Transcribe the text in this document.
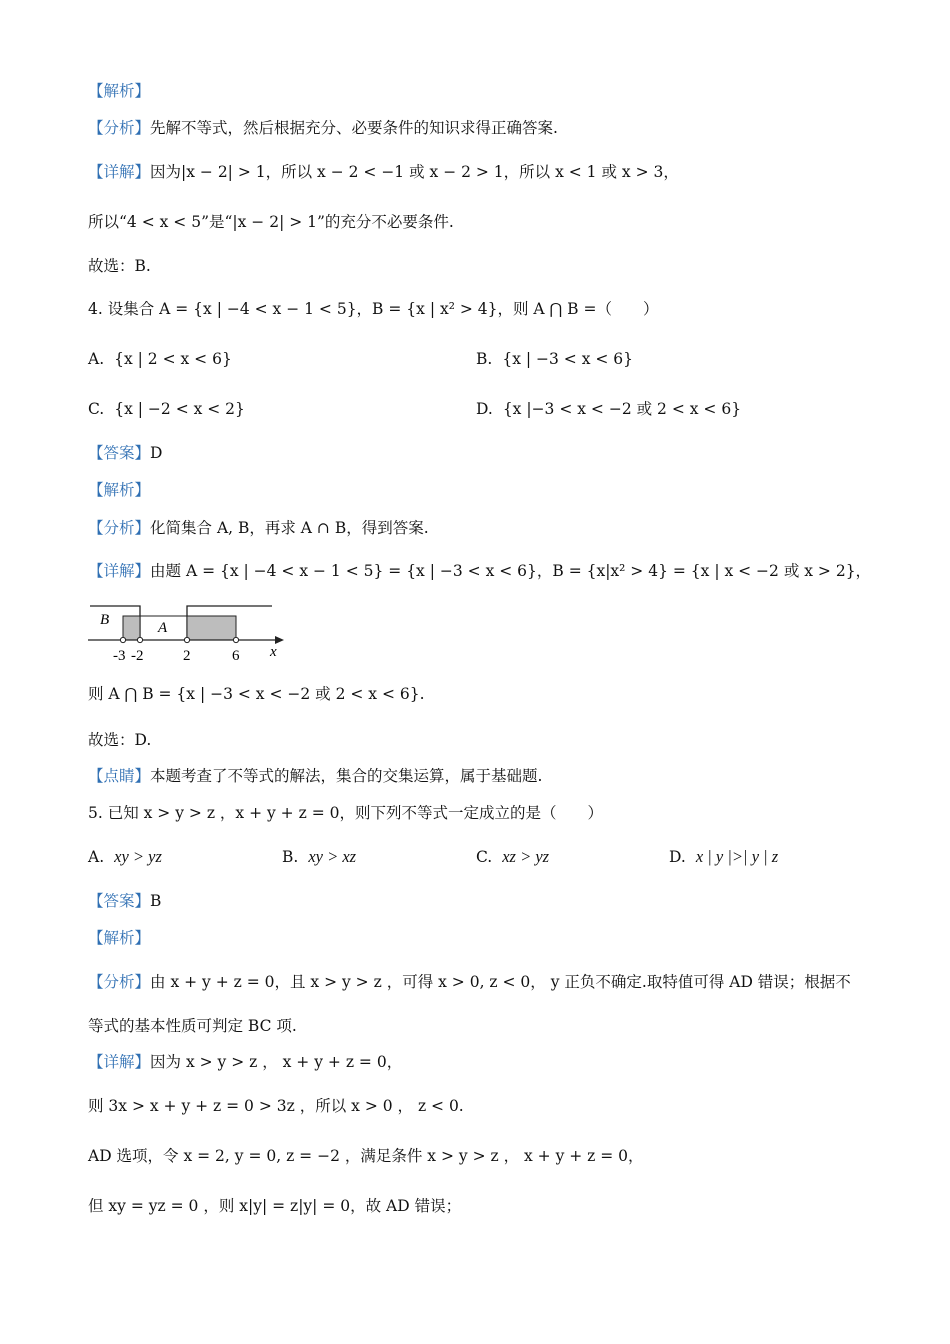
【解析】
【分析】先解不等式，然后根据充分、必要条件的知识求得正确答案.
【详解】因为|x − 2| > 1，所以 x − 2 < −1 或 x − 2 > 1，所以 x < 1 或 x > 3，
所以“4 < x < 5”是“|x − 2| > 1”的充分不必要条件.
故选：B.
4. 设集合 A = {x | −4 < x − 1 < 5}，B = {x | x² > 4}，则 A ⋂ B =（　　）
A. {x | 2 < x < 6}	B. {x | −3 < x < 6}
C. {x | −2 < x < 2}	D. {x |−3 < x < −2 或 2 < x < 6}
【答案】D
【解析】
【分析】化简集合 A, B，再求 A ∩ B，得到答案.
【详解】由题 A = {x | −4 < x − 1 < 5} = {x | −3 < x < 6}，B = {x|x² > 4} = {x | x < −2 或 x > 2}，
B	A
-3 -2	2	6 x
则 A ⋂ B = {x | −3 < x < −2 或 2 < x < 6}.
故选：D.
【点睛】本题考查了不等式的解法，集合的交集运算，属于基础题.
5. 已知 x > y > z ，x + y + z = 0，则下列不等式一定成立的是（　　）
A. xy > yz	B. xy > xz	C. xz > yz	D. x | y |>| y | z
【答案】B
【解析】
【分析】由 x + y + z = 0，且 x > y > z ，可得 x > 0, z < 0， y 正负不确定.取特值可得 AD 错误；根据不
等式的基本性质可判定 BC 项.
【详解】因为 x > y > z ， x + y + z = 0，
则 3x > x + y + z = 0 > 3z ，所以 x > 0 ， z < 0.
AD 选项，令 x = 2, y = 0, z = −2 ，满足条件 x > y > z ， x + y + z = 0，
但 xy = yz = 0 ，则 x|y| = z|y| = 0，故 AD 错误；
